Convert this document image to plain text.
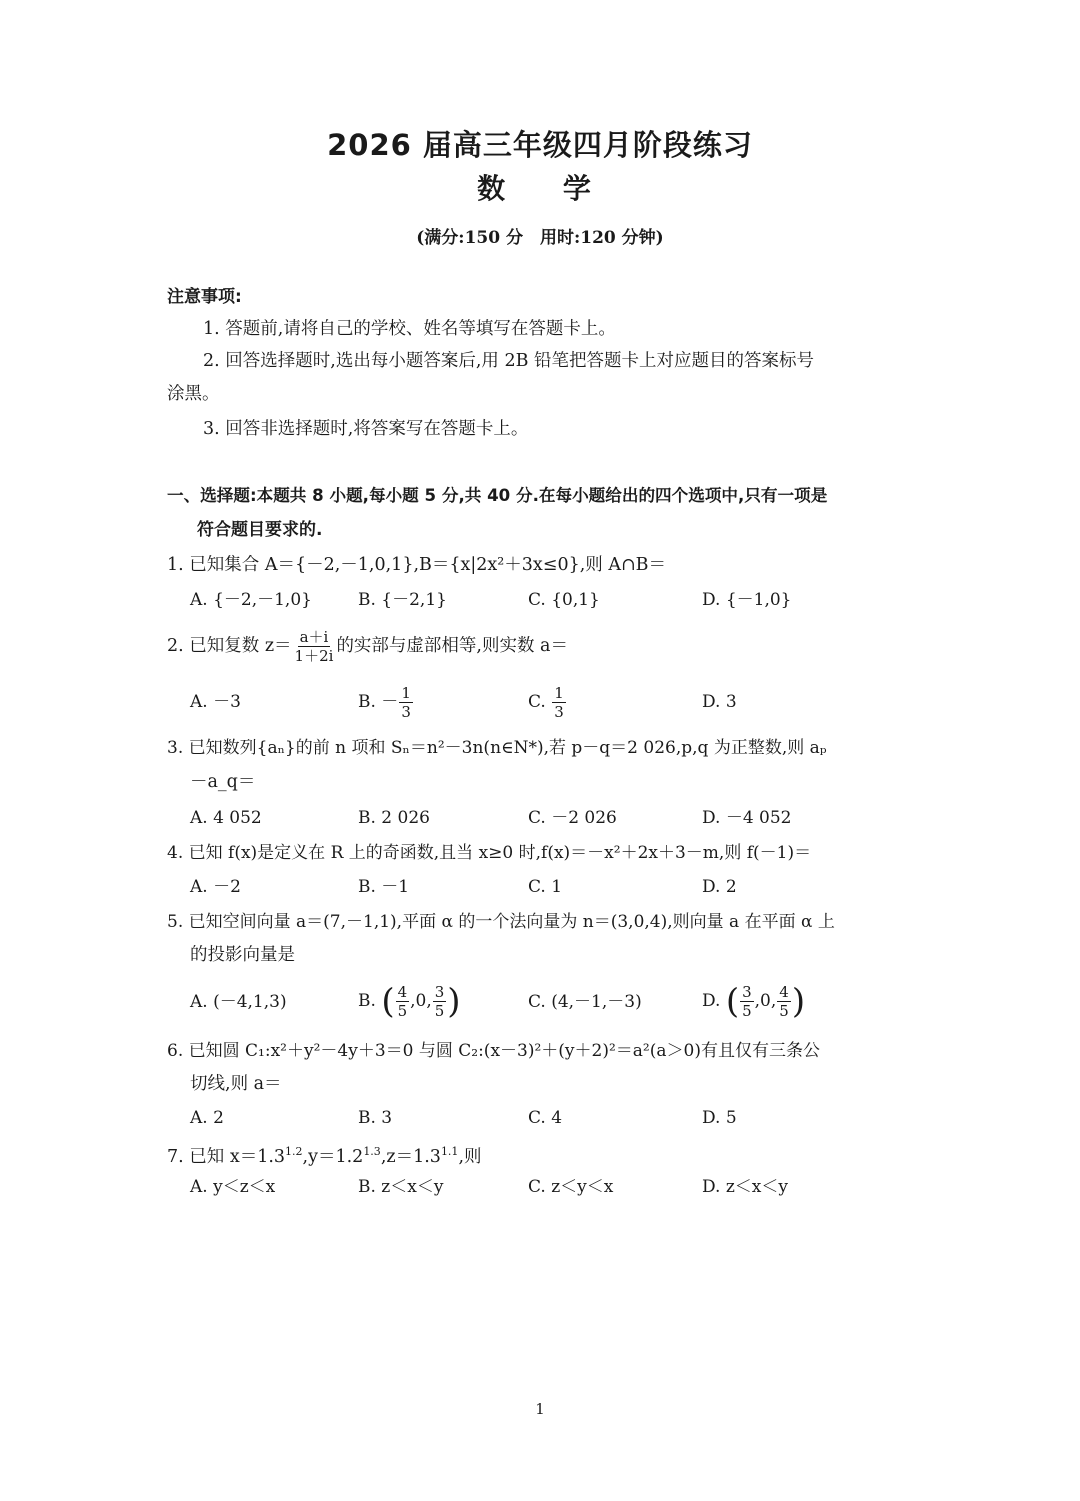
2026 届高三年级四月阶段练习
数 学
(满分:150 分　用时:120 分钟)
注意事项:
1. 答题前,请将自己的学校、姓名等填写在答题卡上。
2. 回答选择题时,选出每小题答案后,用 2B 铅笔把答题卡上对应题目的答案标号
涂黑。
3. 回答非选择题时,将答案写在答题卡上。
一、选择题:本题共 8 小题,每小题 5 分,共 40 分.在每小题给出的四个选项中,只有一项是
符合题目要求的.
1. 已知集合 A＝{－2,－1,0,1},B＝{x|2x²＋3x≤0},则 A∩B＝
A. {－2,－1,0}	B. {－2,1}	C. {0,1}	D. {－1,0}
2. 已知复数 $z= \frac{a+i}{1+2i}$ 的实部与虚部相等,则实数 a＝
A. －3	B. － $\frac{1}{3}$	C. $\frac{1}{3}$	D. 3
3. 已知数列{aₙ}的前 n 项和 Sₙ＝n²－3n(n∈N*),若 p－q＝2 026,p,q 为正整数,则 aₚ
－a_q＝
A. 4 052	B. 2 026	C. －2 026	D. －4 052
4. 已知 f(x)是定义在 R 上的奇函数,且当 x≥0 时,f(x)＝－x²＋2x＋3－m,则 f(－1)＝
A. －2	B. －1	C. 1	D. 2
5. 已知空间向量 a＝(7,－1,1),平面 α 的一个法向量为 n＝(3,0,4),则向量 a 在平面 α 上
的投影向量是
A. (－4,1,3)	B. ( $\frac{4}{5} ,0$, $\frac{3}{5}$ )	C. (4,－1,－3)	D. ( $\frac{3}{5} ,0$, $\frac{4}{5}$ )
6. 已知圆 C₁:x²＋y²－4y＋3＝0 与圆 C₂:(x－3)²＋(y＋2)²＝a²(a＞0)有且仅有三条公
切线,则 a＝
A. 2	B. 3	C. 4	D. 5
7. 已知 $x=1.3^{1.2},y=1.2^{1.3},z=1.3^{1.1}$,则
A. y＜z＜x	B. z＜x＜y	C. z＜y＜x	D. z＜x＜y
1
